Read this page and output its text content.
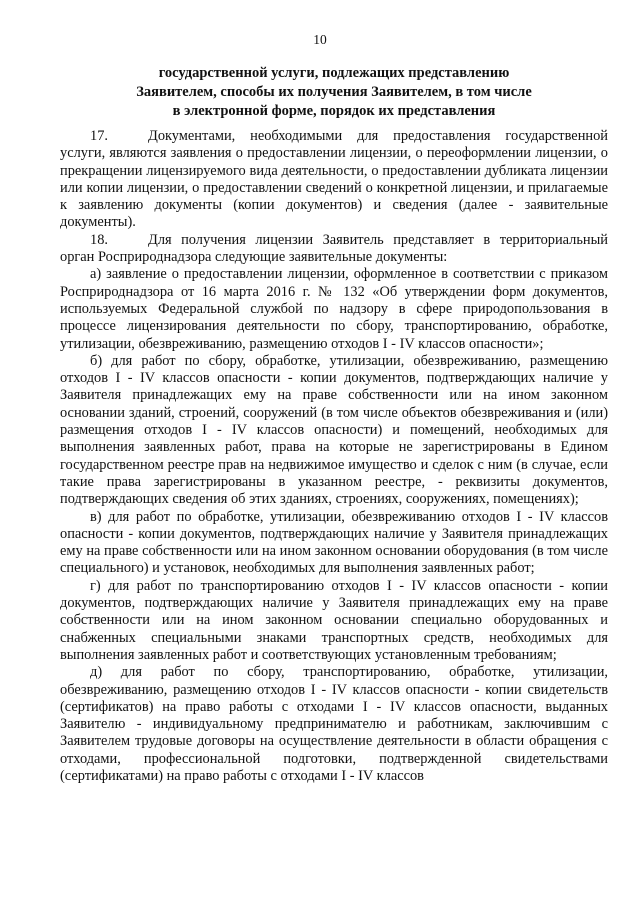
10
государственной услуги, подлежащих представлению
Заявителем, способы их получения Заявителем, в том числе
в электронной форме, порядок их представления

17.	Документами, необходимыми для предоставления государственной услуги, являются заявления о предоставлении лицензии, о переоформлении лицензии, о прекращении лицензируемого вида деятельности, о предоставлении дубликата лицензии или копии лицензии, о предоставлении сведений о конкретной лицензии, и прилагаемые к заявлению документы (копии документов) и сведения (далее - заявительные документы).

18.	Для получения лицензии Заявитель представляет в территориальный орган Росприроднадзора следующие заявительные документы:

а) заявление о предоставлении лицензии, оформленное в соответствии с приказом Росприроднадзора от 16 марта 2016 г. № 132 «Об утверждении форм документов, используемых Федеральной службой по надзору в сфере природопользования в процессе лицензирования деятельности по сбору, транспортированию, обработке, утилизации, обезвреживанию, размещению отходов I - IV классов опасности»;

б) для работ по сбору, обработке, утилизации, обезвреживанию, размещению отходов I - IV классов опасности - копии документов, подтверждающих наличие у Заявителя принадлежащих ему на праве собственности или на ином законном основании зданий, строений, сооружений (в том числе объектов обезвреживания и (или) размещения отходов I - IV классов опасности) и помещений, необходимых для выполнения заявленных работ, права на которые не зарегистрированы в Едином государственном реестре прав на недвижимое имущество и сделок с ним (в случае, если такие права зарегистрированы в указанном реестре, - реквизиты документов, подтверждающих сведения об этих зданиях, строениях, сооружениях, помещениях);

в) для работ по обработке, утилизации, обезвреживанию отходов I - IV классов опасности - копии документов, подтверждающих наличие у Заявителя принадлежащих ему на праве собственности или на ином законном основании оборудования (в том числе специального) и установок, необходимых для выполнения заявленных работ;

г) для работ по транспортированию отходов I - IV классов опасности - копии документов, подтверждающих наличие у Заявителя принадлежащих ему на праве собственности или на ином законном основании специально оборудованных и снабженных специальными знаками транспортных средств, необходимых для выполнения заявленных работ и соответствующих установленным требованиям;

д) для работ по сбору, транспортированию, обработке, утилизации, обезвреживанию, размещению отходов I - IV классов опасности - копии свидетельств (сертификатов) на право работы с отходами I - IV классов опасности, выданных Заявителю - индивидуальному предпринимателю и работникам, заключившим с Заявителем трудовые договоры на осуществление деятельности в области обращения с отходами, профессиональной подготовки, подтвержденной свидетельствами (сертификатами) на право работы с отходами I - IV классов
